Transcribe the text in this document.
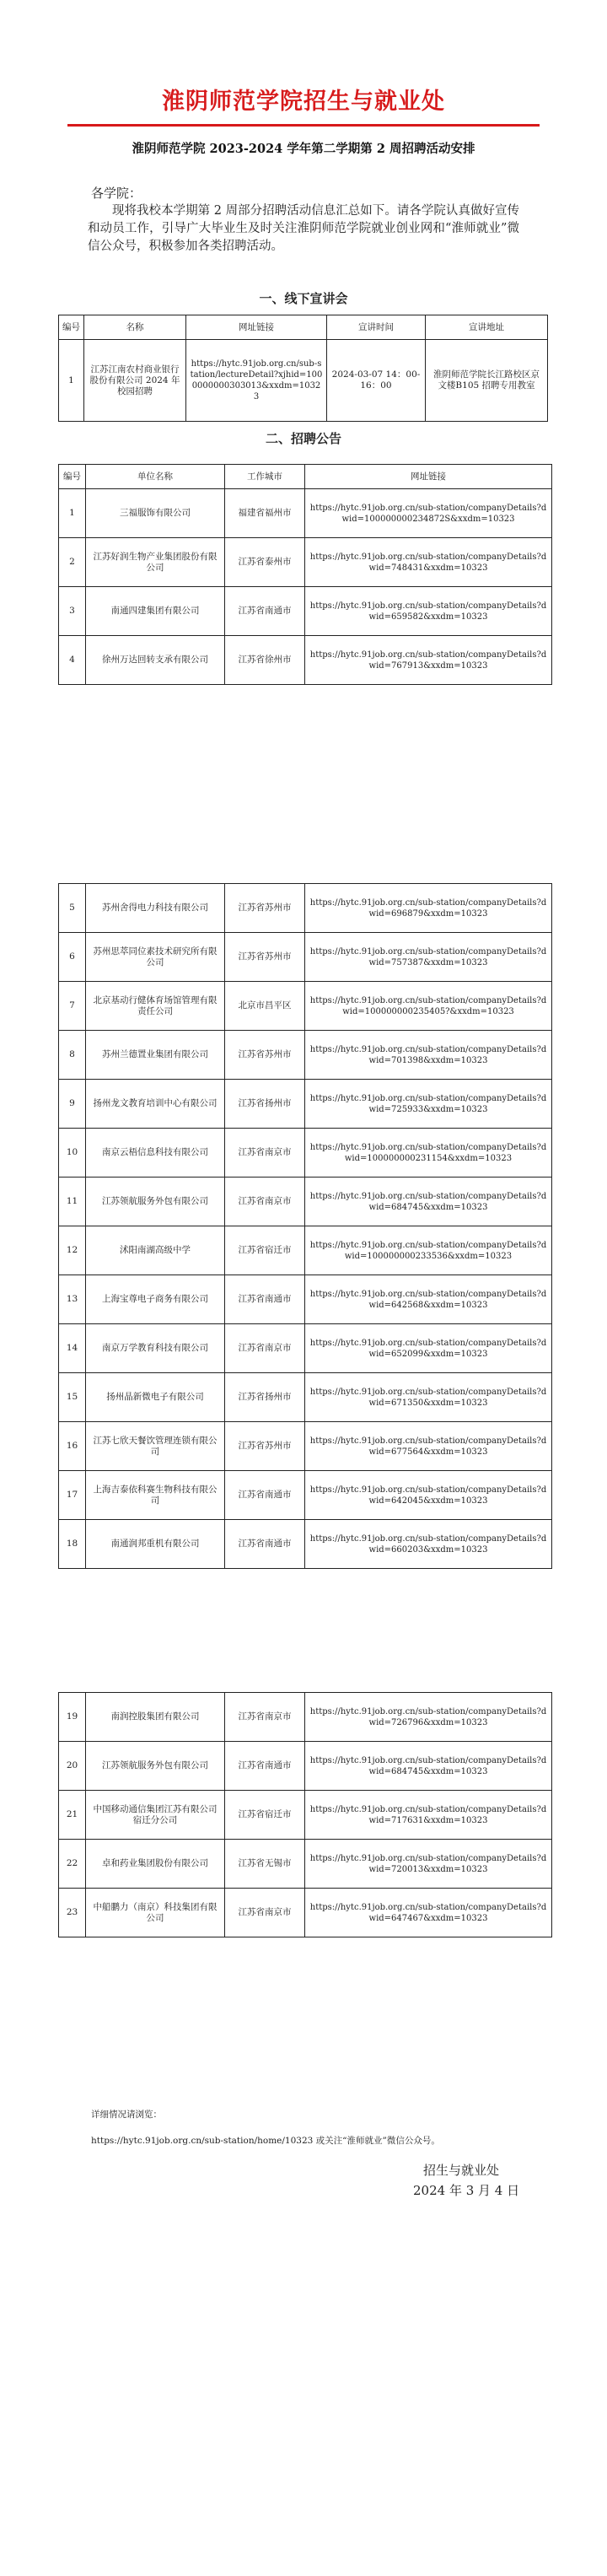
淮阴师范学院招生与就业处
淮阴师范学院 2023-2024 学年第二学期第 2 周招聘活动安排
各学院：
现将我校本学期第 2 周部分招聘活动信息汇总如下。请各学院认真做好宣传和动员工作，引导广大毕业生及时关注淮阴师范学院就业创业网和“淮师就业”微信公众号，积极参加各类招聘活动。
一、线下宣讲会
编号	名称	网址链接	宣讲时间	宣讲地址
1	江苏江南农村商业银行股份有限公司 2024 年校园招聘	https://hytc.91job.org.cn/sub-station/lectureDetail?xjhid=1000000000303013&xxdm=10323	2024-03-07 14：00-16：00	淮阴师范学院长江路校区京文楼B105 招聘专用教室
二、招聘公告
编号	单位名称	工作城市	网址链接
1	三福服饰有限公司	福建省福州市	https://hytc.91job.org.cn/sub-station/companyDetails?dwid=100000000234872S&xxdm=10323
2	江苏好润生物产业集团股份有限公司	江苏省泰州市	https://hytc.91job.org.cn/sub-station/companyDetails?dwid=748431&xxdm=10323
3	南通四建集团有限公司	江苏省南通市	https://hytc.91job.org.cn/sub-station/companyDetails?dwid=659582&xxdm=10323
4	徐州万达回转支承有限公司	江苏省徐州市	https://hytc.91job.org.cn/sub-station/companyDetails?dwid=767913&xxdm=10323
5	苏州舍得电力科技有限公司	江苏省苏州市	https://hytc.91job.org.cn/sub-station/companyDetails?dwid=696879&xxdm=10323
6	苏州思萃同位素技术研究所有限公司	江苏省苏州市	https://hytc.91job.org.cn/sub-station/companyDetails?dwid=757387&xxdm=10323
7	北京基动行健体育场馆管理有限责任公司	北京市昌平区	https://hytc.91job.org.cn/sub-station/companyDetails?dwid=100000000235405?&xxdm=10323
8	苏州兰德置业集团有限公司	江苏省苏州市	https://hytc.91job.org.cn/sub-station/companyDetails?dwid=701398&xxdm=10323
9	扬州龙文教育培训中心有限公司	江苏省扬州市	https://hytc.91job.org.cn/sub-station/companyDetails?dwid=725933&xxdm=10323
10	南京云梧信息科技有限公司	江苏省南京市	https://hytc.91job.org.cn/sub-station/companyDetails?dwid=100000000231154&xxdm=10323
11	江苏领航服务外包有限公司	江苏省南京市	https://hytc.91job.org.cn/sub-station/companyDetails?dwid=684745&xxdm=10323
12	沭阳南湖高级中学	江苏省宿迁市	https://hytc.91job.org.cn/sub-station/companyDetails?dwid=100000000233536&xxdm=10323
13	上海宝尊电子商务有限公司	江苏省南通市	https://hytc.91job.org.cn/sub-station/companyDetails?dwid=642568&xxdm=10323
14	南京万学教育科技有限公司	江苏省南京市	https://hytc.91job.org.cn/sub-station/companyDetails?dwid=652099&xxdm=10323
15	扬州晶新微电子有限公司	江苏省扬州市	https://hytc.91job.org.cn/sub-station/companyDetails?dwid=671350&xxdm=10323
16	江苏七欣天餐饮管理连锁有限公司	江苏省苏州市	https://hytc.91job.org.cn/sub-station/companyDetails?dwid=677564&xxdm=10323
17	上海吉泰依科赛生物科技有限公司	江苏省南通市	https://hytc.91job.org.cn/sub-station/companyDetails?dwid=642045&xxdm=10323
18	南通润邦重机有限公司	江苏省南通市	https://hytc.91job.org.cn/sub-station/companyDetails?dwid=660203&xxdm=10323
19	南润控股集团有限公司	江苏省南京市	https://hytc.91job.org.cn/sub-station/companyDetails?dwid=726796&xxdm=10323
20	江苏领航服务外包有限公司	江苏省南通市	https://hytc.91job.org.cn/sub-station/companyDetails?dwid=684745&xxdm=10323
21	中国移动通信集团江苏有限公司宿迁分公司	江苏省宿迁市	https://hytc.91job.org.cn/sub-station/companyDetails?dwid=717631&xxdm=10323
22	卓和药业集团股份有限公司	江苏省无锡市	https://hytc.91job.org.cn/sub-station/companyDetails?dwid=720013&xxdm=10323
23	中船鹏力（南京）科技集团有限公司	江苏省南京市	https://hytc.91job.org.cn/sub-station/companyDetails?dwid=647467&xxdm=10323
详细情况请浏览：
https://hytc.91job.org.cn/sub-station/home/10323 或关注“淮师就业”微信公众号。
招生与就业处
2024 年 3 月 4 日
